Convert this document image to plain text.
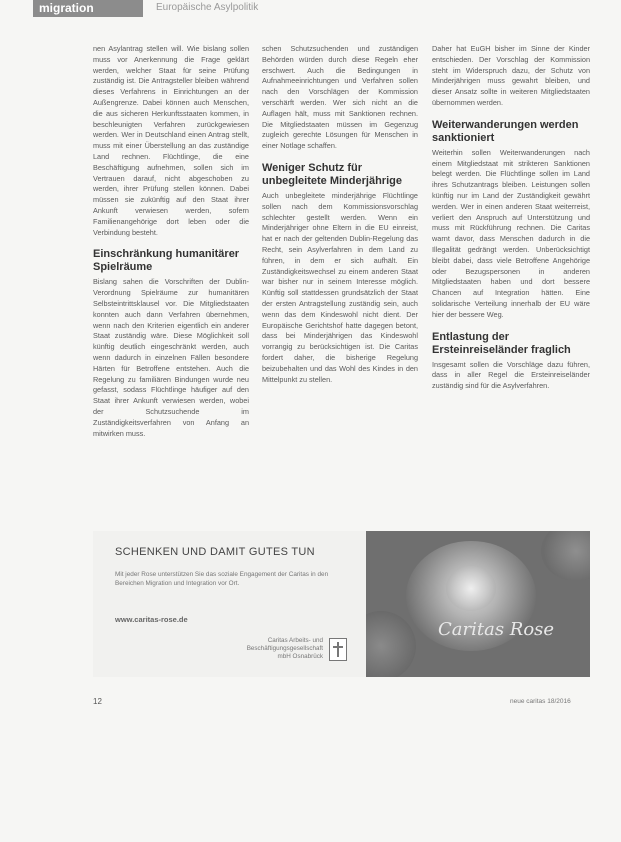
migration	Europäische Asylpolitik

nen Asylantrag stellen will. Wie bislang sollen muss vor Anerkennung die Frage geklärt werden, welcher Staat für seine Prüfung zuständig ist. Die Antragsteller bleiben während dieses Verfahrens in Einrichtungen an der Außengrenze. Dabei können auch Menschen, die aus sicheren Herkunftsstaaten kommen, in beschleunigten Verfahren zurückgewiesen werden. Wer in Deutschland einen Antrag stellt, muss mit einer Überstellung an das zuständige Land rechnen. Flüchtlinge, die eine Beschäftigung aufnehmen, sollen sich im Vertrauen darauf, nicht abgeschoben zu werden, ihrer Prüfung stellen können. Dabei müssen sie zukünftig auf den Staat ihrer Ankunft verwiesen werden, sofern Familienangehörige dort leben oder die Verbindung besteht.

Einschränkung humanitärer Spielräume

Bislang sahen die Vorschriften der Dublin-Verordnung Spielräume zur humanitären Selbsteintrittsklausel vor. Die Mitgliedstaaten konnten auch dann Verfahren übernehmen, wenn nach den Kriterien eigentlich ein anderer Staat zuständig wäre. Diese Möglichkeit soll künftig deutlich eingeschränkt werden, auch wenn dadurch in einzelnen Fällen besondere Härten für Betroffene entstehen. Auch die Regelung zu familiären Bindungen wurde neu gefasst, sodass Flüchtlinge häufiger auf den Staat ihrer Ankunft verwiesen werden, wobei der Schutzsuchende im Zuständigkeitsverfahren von Anfang an mitwirken muss.

schen Schutzsuchenden und zuständigen Behörden würden durch diese Regeln eher erschwert. Auch die Bedingungen in Aufnahmeeinrichtungen und Verfahren sollen nach den Vorschlägen der Kommission verschärft werden. Wer sich nicht an die Auflagen hält, muss mit Sanktionen rechnen. Die Mitgliedstaaten müssen im Gegenzug zugleich gerechte Lösungen für Menschen in einer Notlage schaffen.

Weniger Schutz für unbegleitete Minderjährige

Auch unbegleitete minderjährige Flüchtlinge sollen nach dem Kommissionsvorschlag schlechter gestellt werden. Wenn ein Minderjähriger ohne Eltern in die EU einreist, hat er nach der geltenden Dublin-Regelung das Recht, sein Asylverfahren in dem Land zu führen, in dem er sich aufhält. Ein Zuständigkeitswechsel zu einem anderen Staat war bisher nur in seinem Interesse möglich. Künftig soll stattdessen grundsätzlich der Staat der ersten Antragstellung zuständig sein, auch wenn das dem Kindeswohl nicht dient. Der Europäische Gerichtshof hatte dagegen betont, dass bei Minderjährigen das Kindeswohl vorrangig zu berücksichtigen ist. Die Caritas fordert daher, die bisherige Regelung beizubehalten und das Wohl des Kindes in den Mittelpunkt zu stellen.

Daher hat EuGH bisher im Sinne der Kinder entschieden. Der Vorschlag der Kommission steht im Widerspruch dazu, der Schutz von Minderjährigen muss gewahrt bleiben, und dieser Ansatz sollte in weiteren Mitgliedstaaten übernommen werden.

Weiterwanderungen werden sanktioniert

Weiterhin sollen Weiterwanderungen nach einem Mitgliedstaat mit strikteren Sanktionen belegt werden. Die Flüchtlinge sollen im Land ihres Schutzantrags bleiben. Leistungen sollen künftig nur im Land der Zuständigkeit gewährt werden. Wer in einen anderen Staat weiterreist, verliert den Anspruch auf Unterstützung und muss mit Rückführung rechnen. Die Caritas warnt davor, dass Menschen dadurch in die Illegalität gedrängt werden. Unberücksichtigt bleibt dabei, dass viele Betroffene Angehörige oder Bezugspersonen in anderen Mitgliedstaaten haben und dort bessere Chancen auf Integration hätten. Eine solidarische Verteilung innerhalb der EU wäre hier der bessere Weg.

Entlastung der Ersteinreiseländer fraglich

Insgesamt sollen die Vorschläge dazu führen, dass in aller Regel die Ersteinreiseländer zuständig sind für die Asylverfahren.

SCHENKEN UND DAMIT GUTES TUN
Mit jeder Rose unterstützen Sie das soziale Engagement der Caritas in den Bereichen Migration und Integration vor Ort.
www.caritas-rose.de
Caritas Arbeits- und Beschäftigungsgesellschaft mbH Osnabrück
Caritas Rose
12	neue caritas 18/2016
